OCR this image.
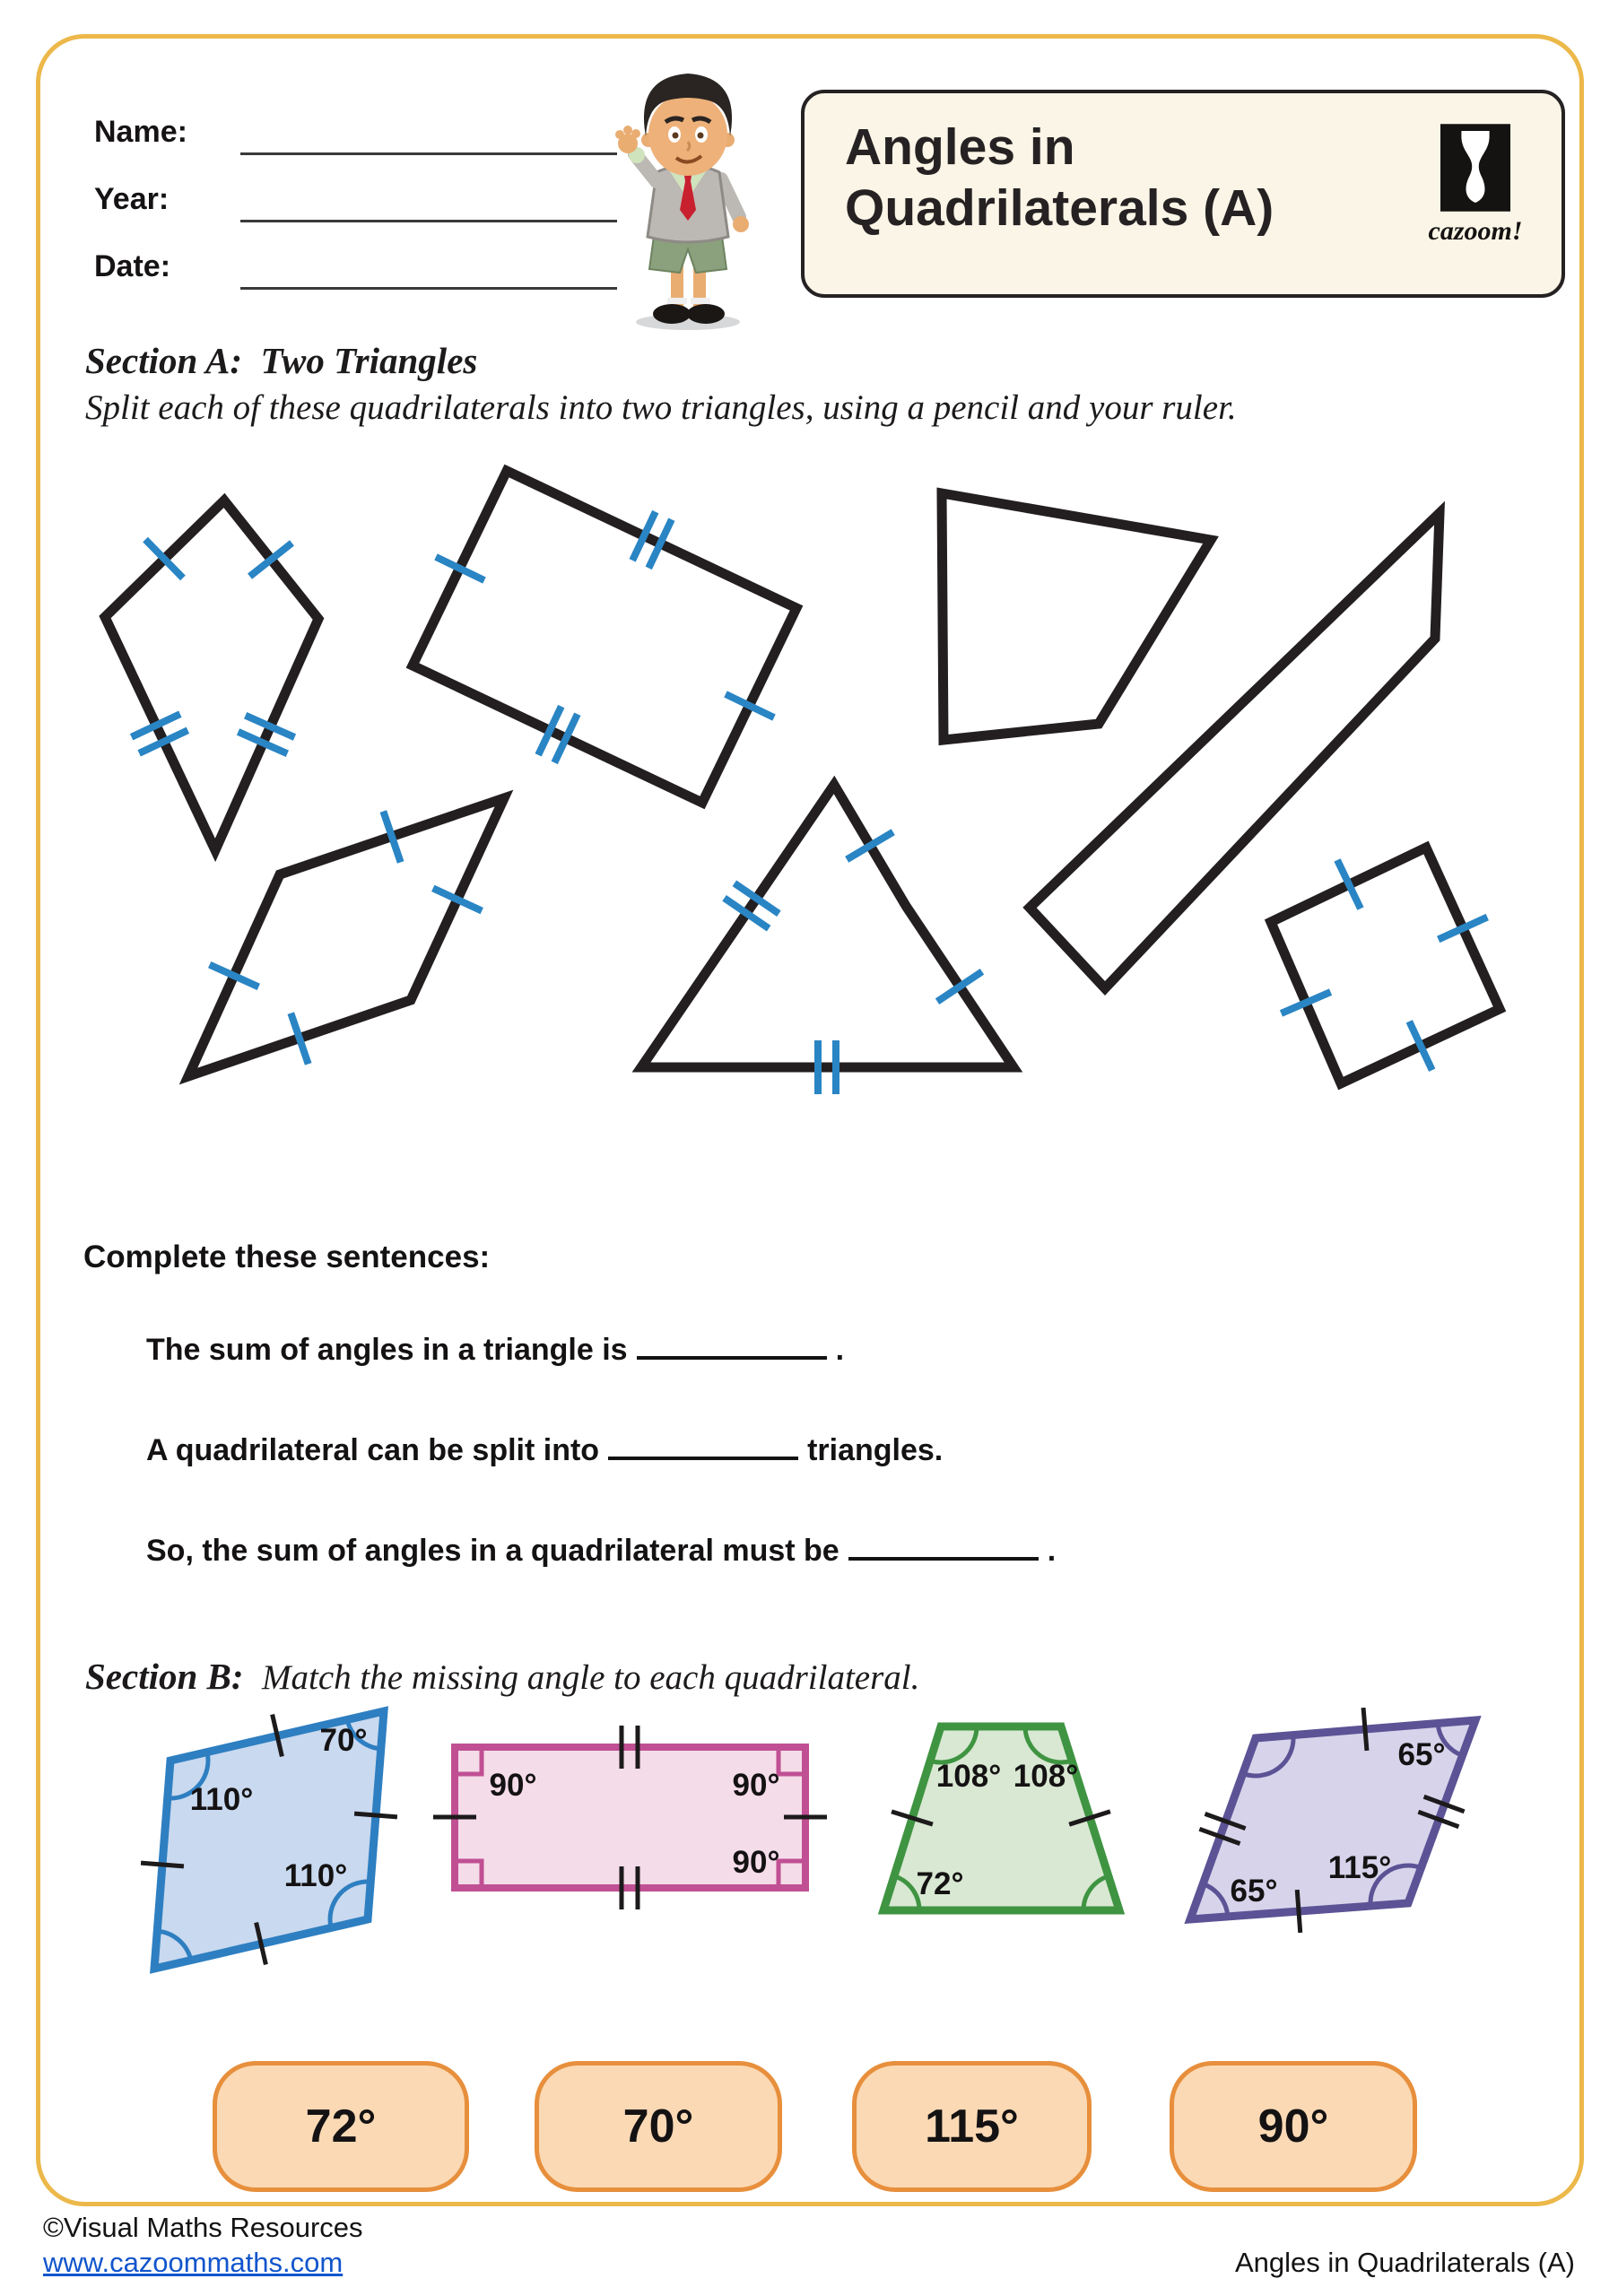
Name:
Year:
Date:
Angles in
Quadrilaterals (A)	cazoom!
Section A: Two Triangles
Split each of these quadrilaterals into two triangles, using a pencil and your ruler.
Complete these sentences:
The sum of angles in a triangle is	.
A quadrilateral can be split into	triangles.
So, the sum of angles in a quadrilateral must be	.
Section B: Match the missing angle to each quadrilateral.
110°
70°
110°
90°	90°
90°
108° 108°
72°
65°
115°
65°
72°	70°	115°	90°
©Visual Maths Resources
www.cazoommaths.com	Angles in Quadrilaterals (A)
